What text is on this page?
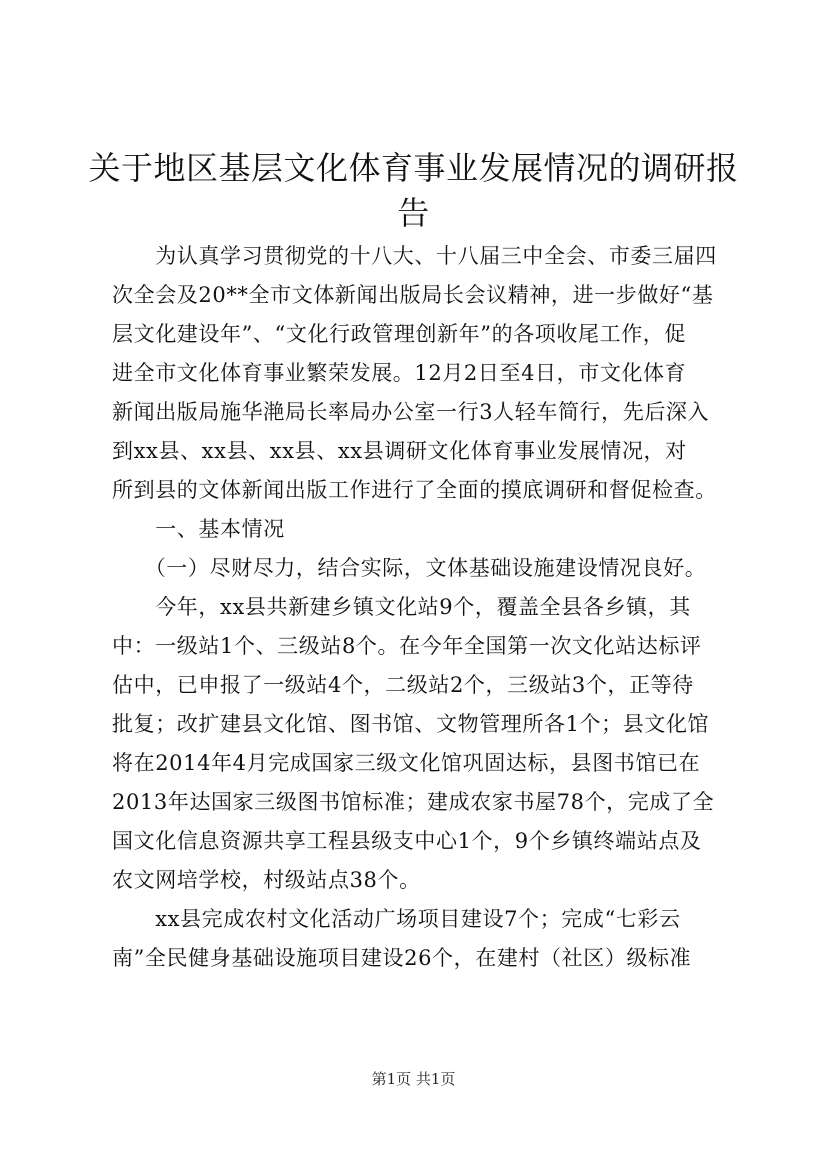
关于地区基层文化体育事业发展情况的调研报
告
　　为认真学习贯彻党的十八大、十八届三中全会、市委三届四
次全会及20**全市文体新闻出版局长会议精神，进一步做好“基
层文化建设年”、“文化行政管理创新年”的各项收尾工作，促
进全市文化体育事业繁荣发展。12月2日至4日，市文化体育
新闻出版局施华滟局长率局办公室一行3人轻车简行，先后深入
到xx县、xx县、xx县、xx县调研文化体育事业发展情况，对
所到县的文体新闻出版工作进行了全面的摸底调研和督促检查。
　　一、基本情况
　　（一）尽财尽力，结合实际，文体基础设施建设情况良好。
　　今年，xx县共新建乡镇文化站9个，覆盖全县各乡镇，其
中：一级站1个、三级站8个。在今年全国第一次文化站达标评
估中，已申报了一级站4个，二级站2个，三级站3个，正等待
批复；改扩建县文化馆、图书馆、文物管理所各1个；县文化馆
将在2014年4月完成国家三级文化馆巩固达标，县图书馆已在
2013年达国家三级图书馆标准；建成农家书屋78个，完成了全
国文化信息资源共享工程县级支中心1个，9个乡镇终端站点及
农文网培学校，村级站点38个。
　　xx县完成农村文化活动广场项目建设7个；完成“七彩云
南”全民健身基础设施项目建设26个，在建村（社区）级标准
第1页 共1页
